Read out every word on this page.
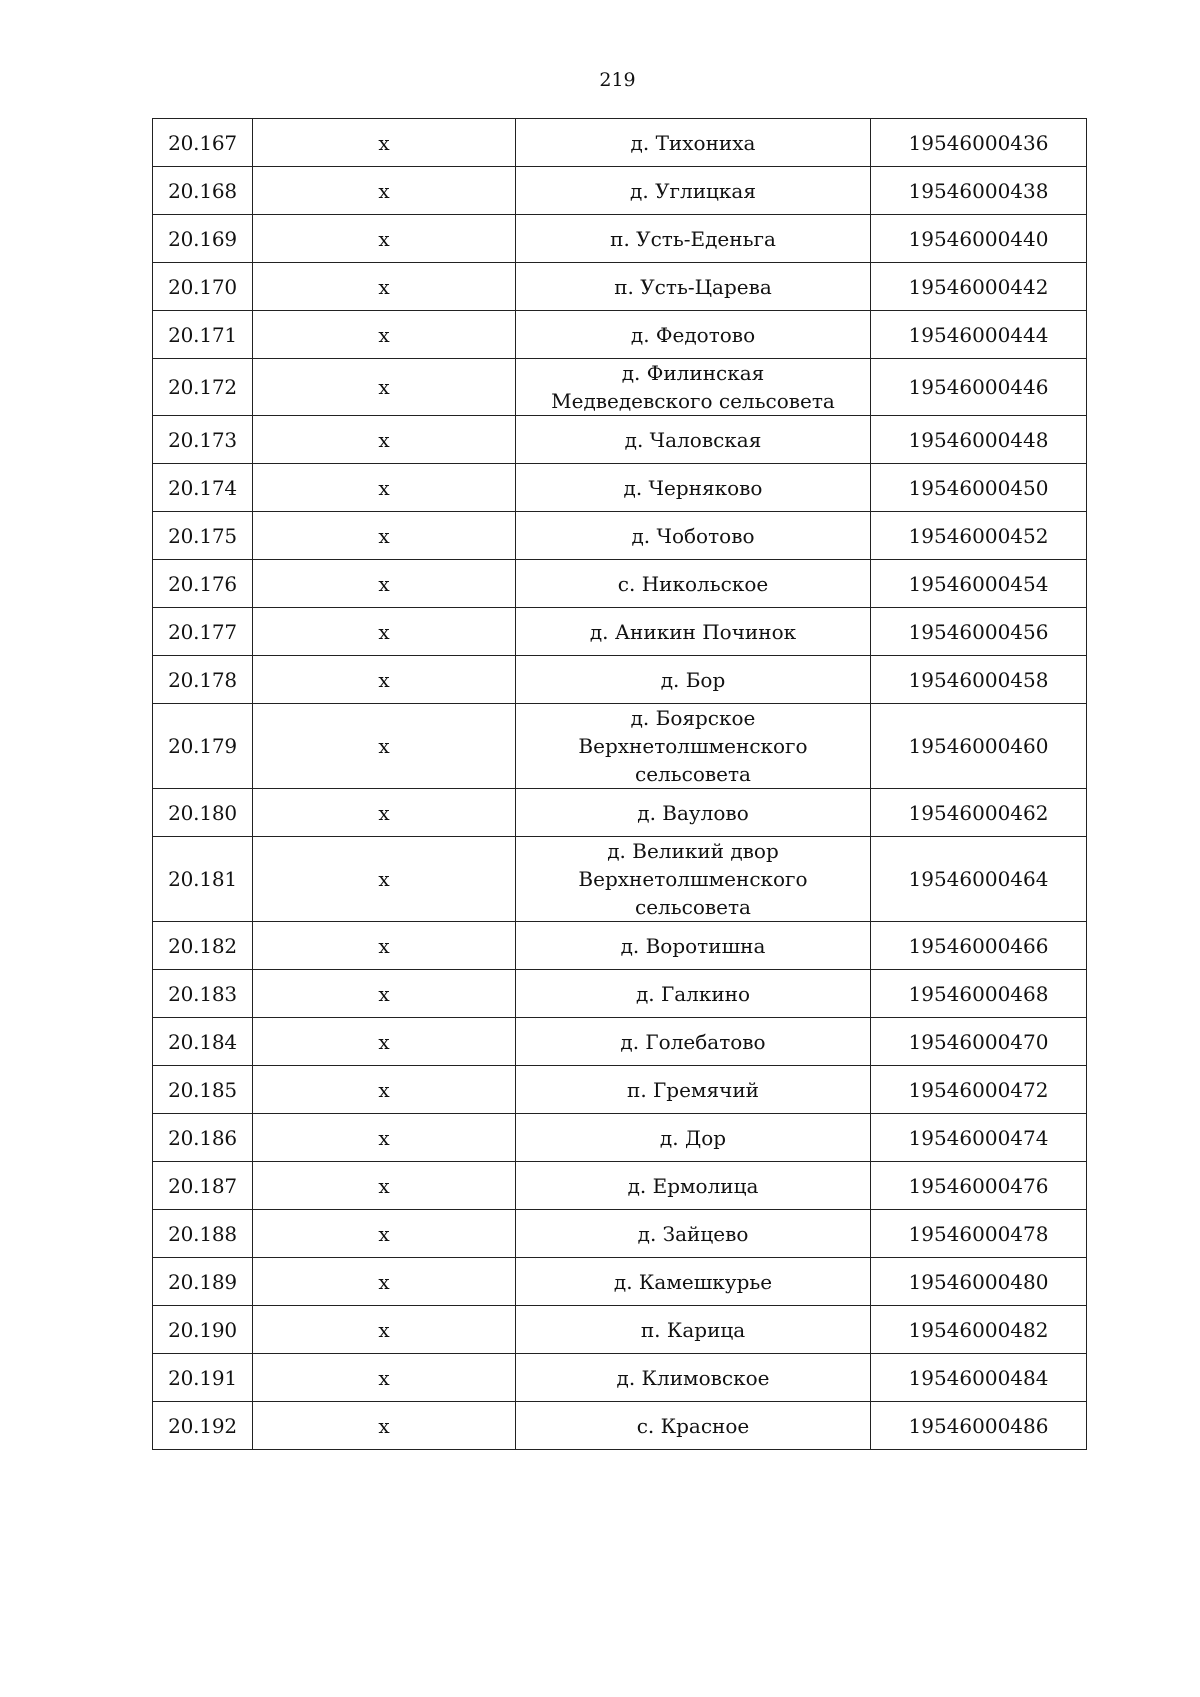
219
20.167	х	д. Тихониха	19546000436
20.168	х	д. Углицкая	19546000438
20.169	х	п. Усть-Еденьга	19546000440
20.170	х	п. Усть-Царева	19546000442
20.171	х	д. Федотово	19546000444
20.172	х	д. Филинская
Медведевского сельсовета	19546000446
20.173	х	д. Чаловская	19546000448
20.174	х	д. Черняково	19546000450
20.175	х	д. Чоботово	19546000452
20.176	х	с. Никольское	19546000454
20.177	х	д. Аникин Починок	19546000456
20.178	х	д. Бор	19546000458
20.179	х	д. Боярское
Верхнетолшменского
сельсовета	19546000460
20.180	х	д. Ваулово	19546000462
20.181	х	д. Великий двор
Верхнетолшменского
сельсовета	19546000464
20.182	х	д. Воротишна	19546000466
20.183	х	д. Галкино	19546000468
20.184	х	д. Голебатово	19546000470
20.185	х	п. Гремячий	19546000472
20.186	х	д. Дор	19546000474
20.187	х	д. Ермолица	19546000476
20.188	х	д. Зайцево	19546000478
20.189	х	д. Камешкурье	19546000480
20.190	х	п. Карица	19546000482
20.191	х	д. Климовское	19546000484
20.192	х	с. Красное	19546000486
